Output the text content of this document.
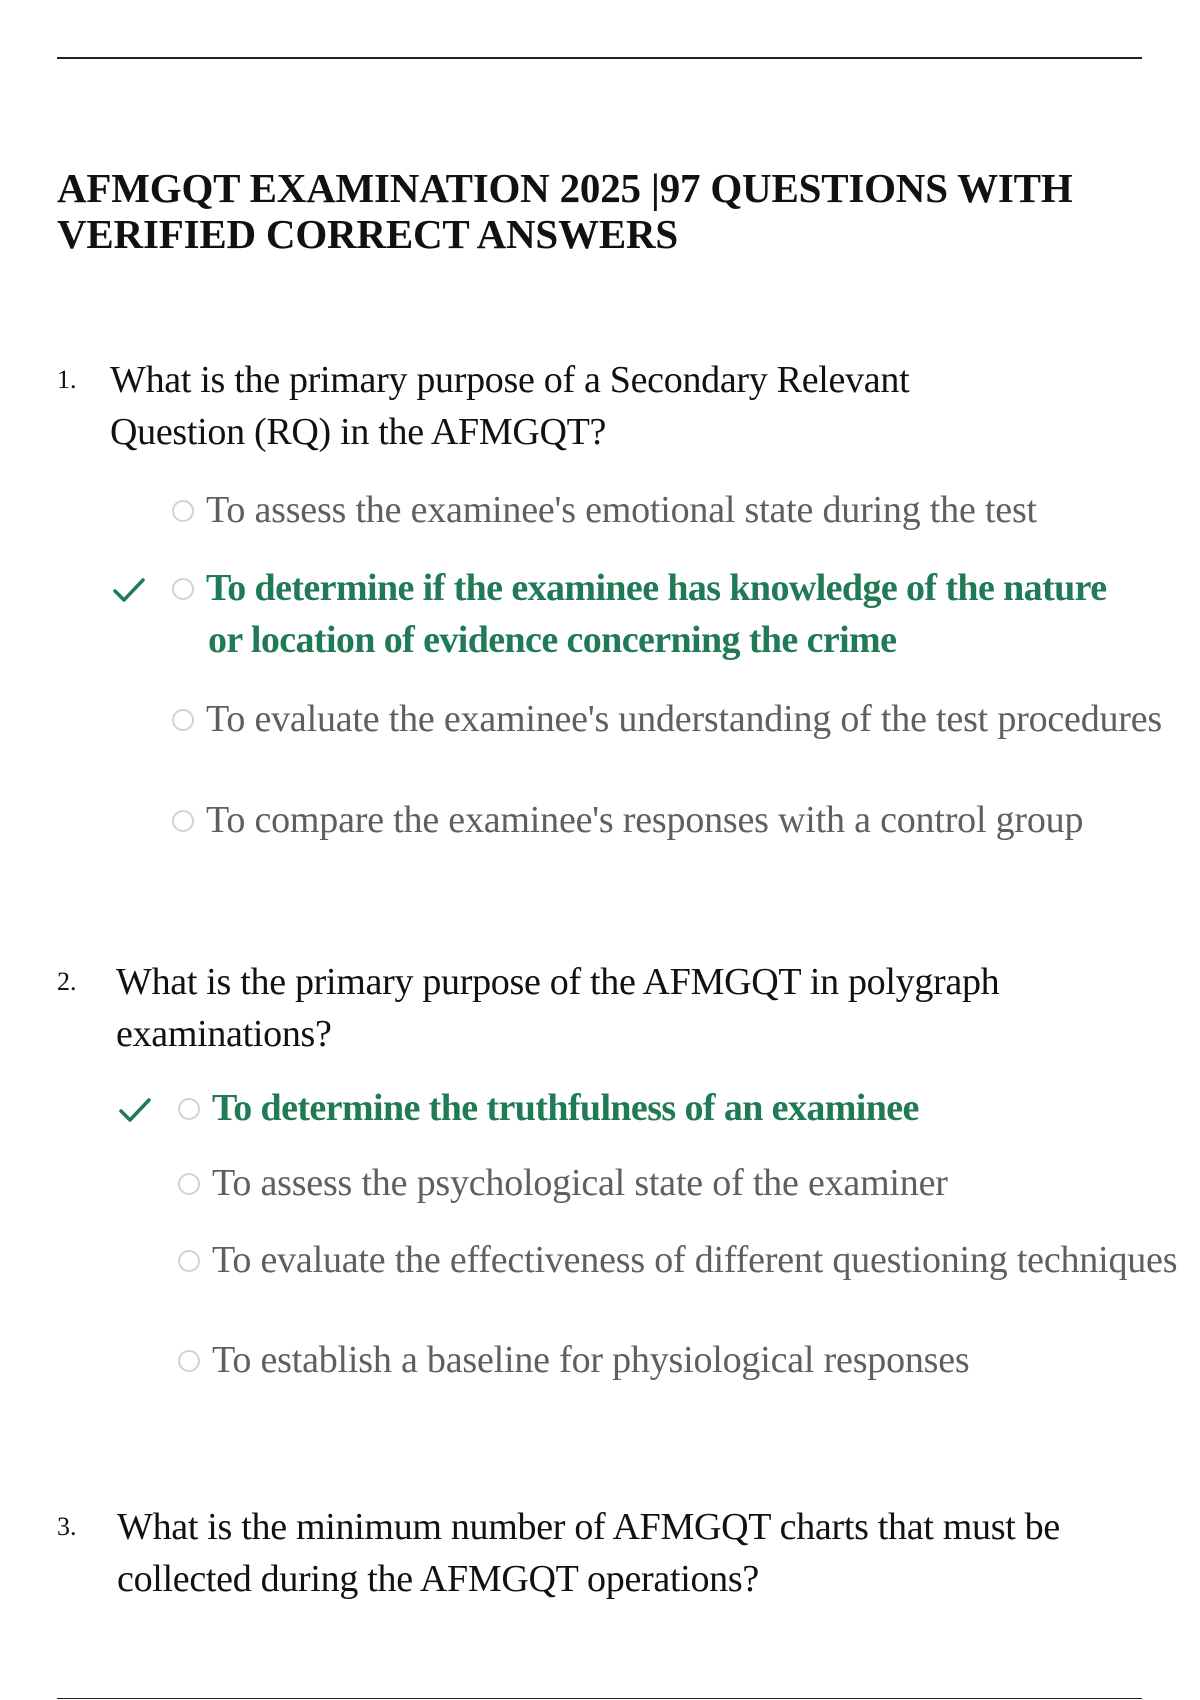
AFMGQT EXAMINATION 2025 |97 QUESTIONS WITH VERIFIED CORRECT ANSWERS
1. What is the primary purpose of a Secondary Relevant Question (RQ) in the AFMGQT?

To assess the examinee's emotional state during the test
To determine if the examinee has knowledge of the nature or location of evidence concerning the crime
To evaluate the examinee's understanding of the test procedures
To compare the examinee's responses with a control group
2. What is the primary purpose of the AFMGQT in polygraph examinations?

To determine the truthfulness of an examinee
To assess the psychological state of the examiner
To evaluate the effectiveness of different questioning techniques
To establish a baseline for physiological responses
3. What is the minimum number of AFMGQT charts that must be collected during the AFMGQT operations?
